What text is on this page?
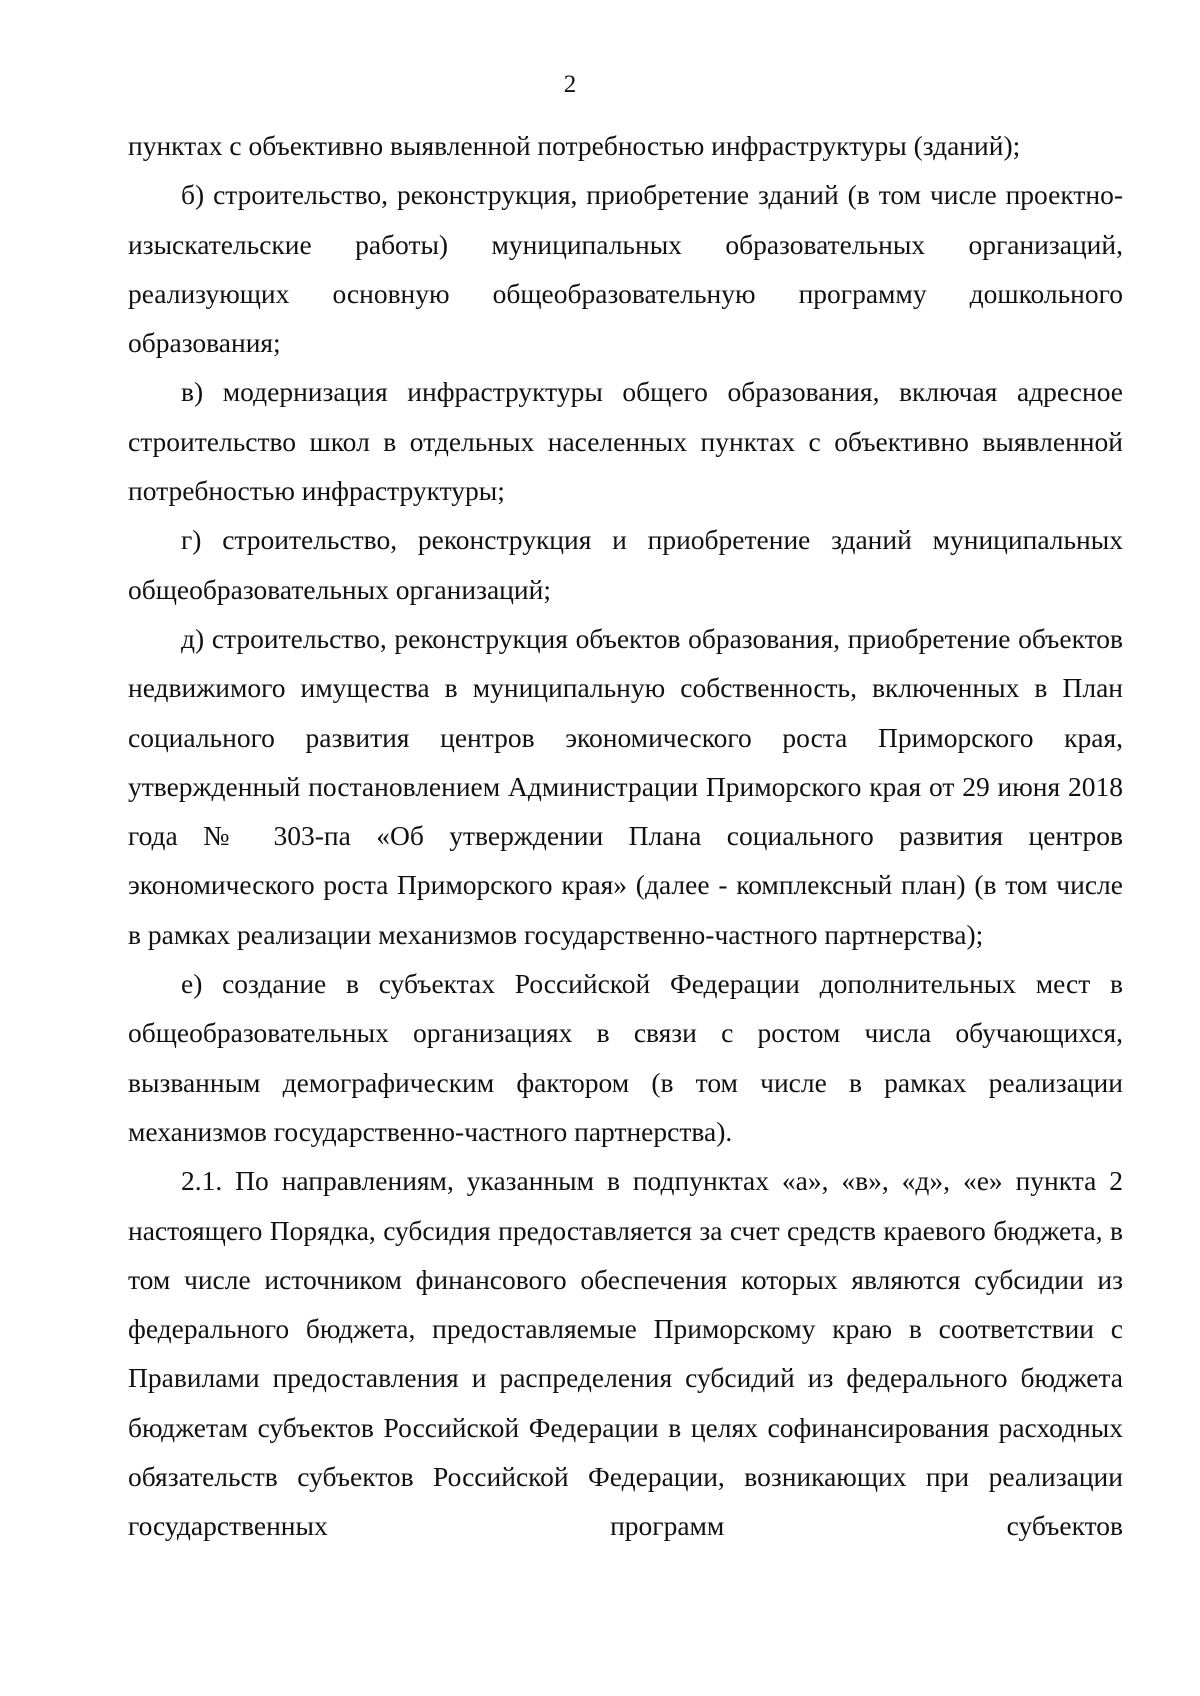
2

пунктах с объективно выявленной потребностью инфраструктуры (зданий);

б) строительство, реконструкция, приобретение зданий (в том числе проектно-изыскательские работы) муниципальных образовательных организаций, реализующих основную общеобразовательную программу дошкольного образования;

в) модернизация инфраструктуры общего образования, включая адресное строительство школ в отдельных населенных пунктах с объективно выявленной потребностью инфраструктуры;

г) строительство, реконструкция и приобретение зданий муниципальных общеобразовательных организаций;

д) строительство, реконструкция объектов образования, приобретение объектов недвижимого имущества в муниципальную собственность, включенных в План социального развития центров экономического роста Приморского края, утвержденный постановлением Администрации Приморского края от 29 июня 2018 года № 303-па «Об утверждении Плана социального развития центров экономического роста Приморского края» (далее - комплексный план) (в том числе в рамках реализации механизмов государственно-частного партнерства);

е) создание в субъектах Российской Федерации дополнительных мест в общеобразовательных организациях в связи с ростом числа обучающихся, вызванным демографическим фактором (в том числе в рамках реализации механизмов государственно-частного партнерства).

2.1. По направлениям, указанным в подпунктах «а», «в», «д», «е» пункта 2 настоящего Порядка, субсидия предоставляется за счет средств краевого бюджета, в том числе источником финансового обеспечения которых являются субсидии из федерального бюджета, предоставляемые Приморскому краю в соответствии с Правилами предоставления и распределения субсидий из федерального бюджета бюджетам субъектов Российской Федерации в целях софинансирования расходных обязательств субъектов Российской Федерации, возникающих при реализации государственных программ субъектов
